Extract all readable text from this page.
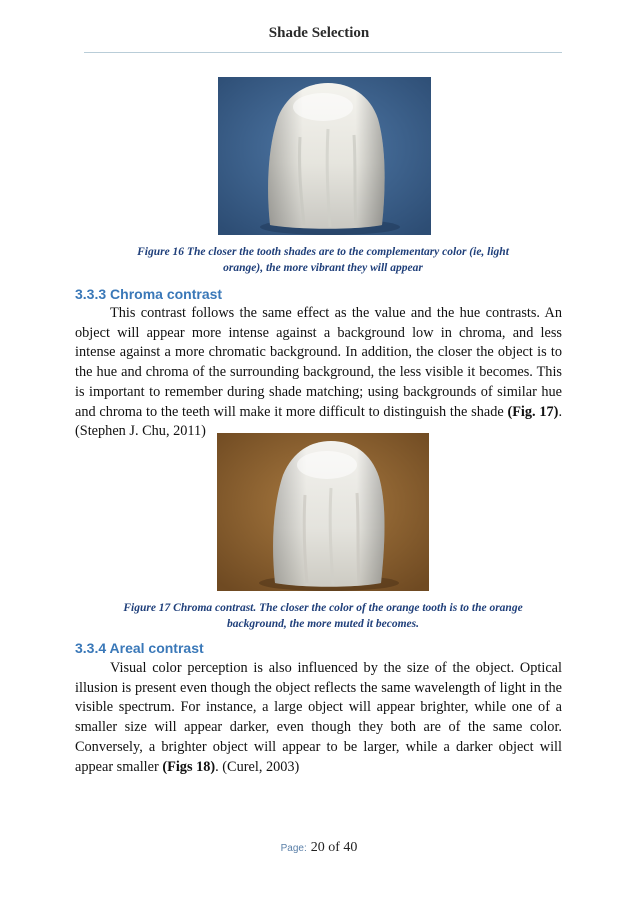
Shade Selection
Figure 16 The closer the tooth shades are to the complementary color (ie, light
orange), the more vibrant they will appear
3.3.3 Chroma contrast

This contrast follows the same effect as the value and the hue contrasts. An object will appear more intense against a background low in chroma, and less intense against a more chromatic background. In addition, the closer the object is to the hue and chroma of the surrounding background, the less visible it becomes. This is important to remember during shade matching; using backgrounds of similar hue and chroma to the teeth will make it more difficult to distinguish the shade (Fig. 17). (Stephen J. Chu, 2011)

Figure 17 Chroma contrast. The closer the color of the orange tooth is to the orange
background, the more muted it becomes.
3.3.4 Areal contrast

Visual color perception is also influenced by the size of the object. Optical illusion is present even though the object reflects the same wavelength of light in the visible spectrum. For instance, a large object will appear brighter, while one of a smaller size will appear darker, even though they both are of the same color. Conversely, a brighter object will appear to be larger, while a darker object will appear smaller (Figs 18). (Curel, 2003)

Page: 20 of 40
